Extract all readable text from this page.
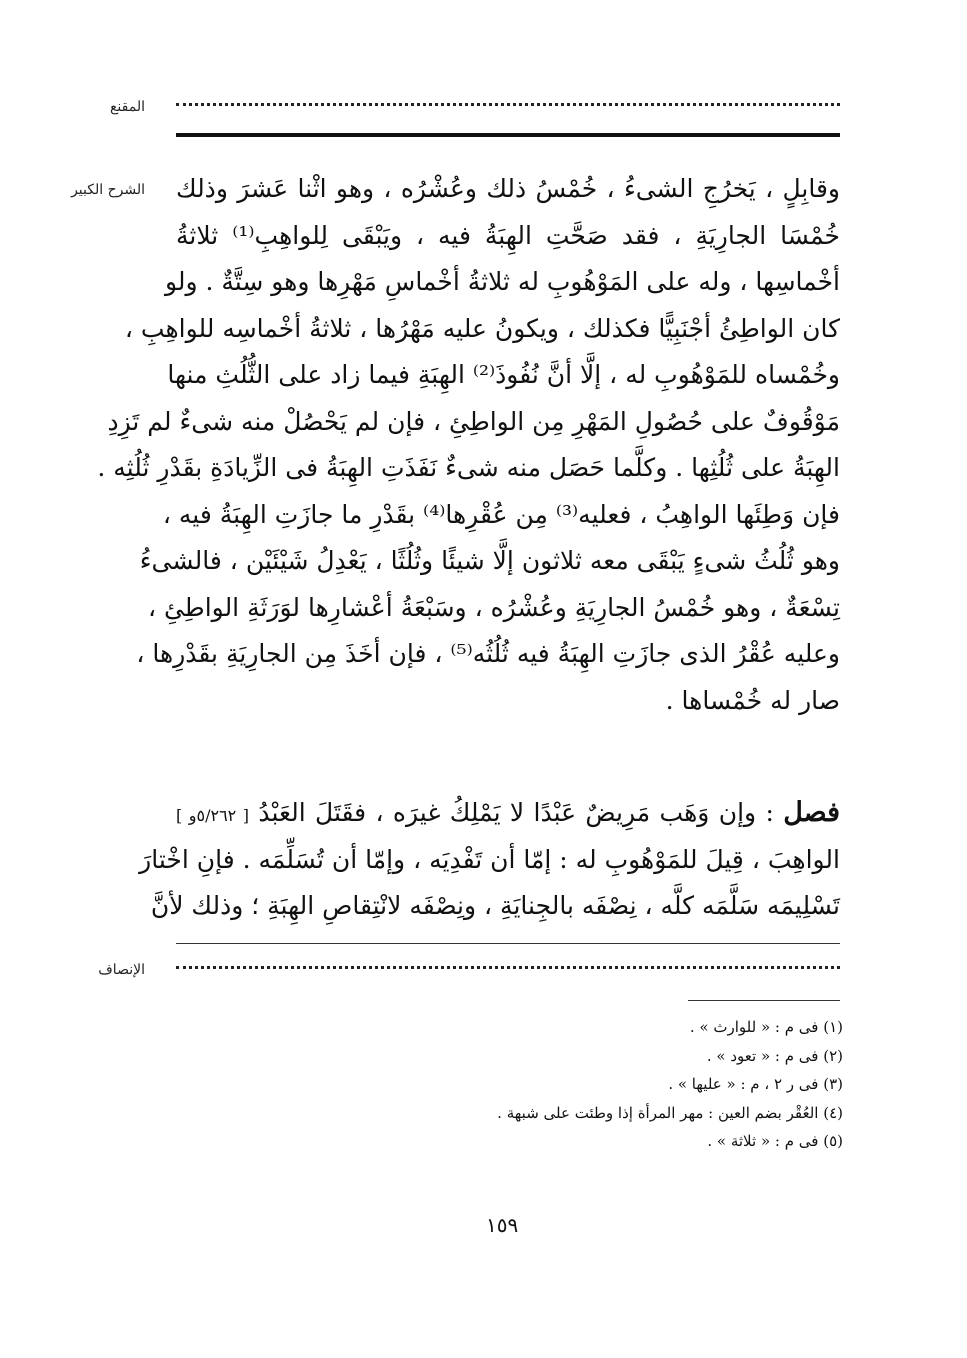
المقنع
الشرح الكبير وقابِلٍ ، يَخرُجِ الشىءُ ، خُمْسُ ذلك وعُشْرُه ، وهو اثْنا عَشرَ وذلك
خُمْسَا الجارِيَةِ ، فقد صَحَّتِ الهِبَةُ فيه ، ويَبْقَى لِلواهِبِ⁽¹⁾ ثلاثةُ
أخْماسِها ، وله على المَوْهُوبِ له ثلاثةُ أخْماسِ مَهْرِها وهو سِتَّةٌ . ولو
كان الواطِئُ أجْنَبِيًّا فكذلك ، ويكونُ عليه مَهْرُها ، ثلاثةُ أخْماسِه للواهِبِ ،
وخُمْساه للمَوْهُوبِ له ، إلَّا أنَّ نُفُوذَ⁽²⁾ الهِبَةِ فيما زاد على الثُّلُثِ منها
مَوْقُوفٌ على حُصُولِ المَهْرِ مِن الواطِئِ ، فإن لم يَحْصُلْ منه شىءٌ لم تَزِدِ
الهِبَةُ على ثُلُثِها . وكلَّما حَصَل منه شىءٌ نَفَذَتِ الهِبَةُ فى الزِّيادَةِ بقَدْرِ ثُلُثِه .
فإن وَطِئَها الواهِبُ ، فعليه⁽³⁾ مِن عُقْرِها⁽⁴⁾ بقَدْرِ ما جازَتِ الهِبَةُ فيه ،
وهو ثُلُثُ شىءٍ يَبْقَى معه ثلاثون إلَّا شيئًا وثُلُثًا ، يَعْدِلُ شَيْئَيْن ، فالشىءُ
تِسْعَةٌ ، وهو خُمْسُ الجارِيَةِ وعُشْرُه ، وسَبْعَةُ أعْشارِها لوَرَثَةِ الواطِئِ ،
وعليه عُقْرُ الذى جازَتِ الهِبَةُ فيه ثُلُثُه⁽⁵⁾ ، فإن أخَذَ مِن الجارِيَةِ بقَدْرِها ،
صار له خُمْساها .
فصل : وإن وَهَب مَرِيضٌ عَبْدًا لا يَمْلِكُ غيرَه ، فقَتَلَ العَبْدُ [ ٥/٢٦٢و ]
الواهِبَ ، قِيلَ للمَوْهُوبِ له : إمّا أن تَفْدِيَه ، وإمّا أن تُسَلِّمَه . فإنِ اخْتارَ
تَسْلِيمَه سَلَّمَه كلَّه ، نِصْفَه بالجِنايَةِ ، ونِصْفَه لانْتِقاصِ الهِبَةِ ؛ وذلك لأنَّ
الإنصاف
(١) فى م : « للوارث » .
(٢) فى م : « تعود » .
(٣) فى ر ٢ ، م : « عليها » .
(٤) العُقْر بضم العين : مهر المرأة إذا وطئت على شبهة .
(٥) فى م : « ثلاثة » .
١٥٩
